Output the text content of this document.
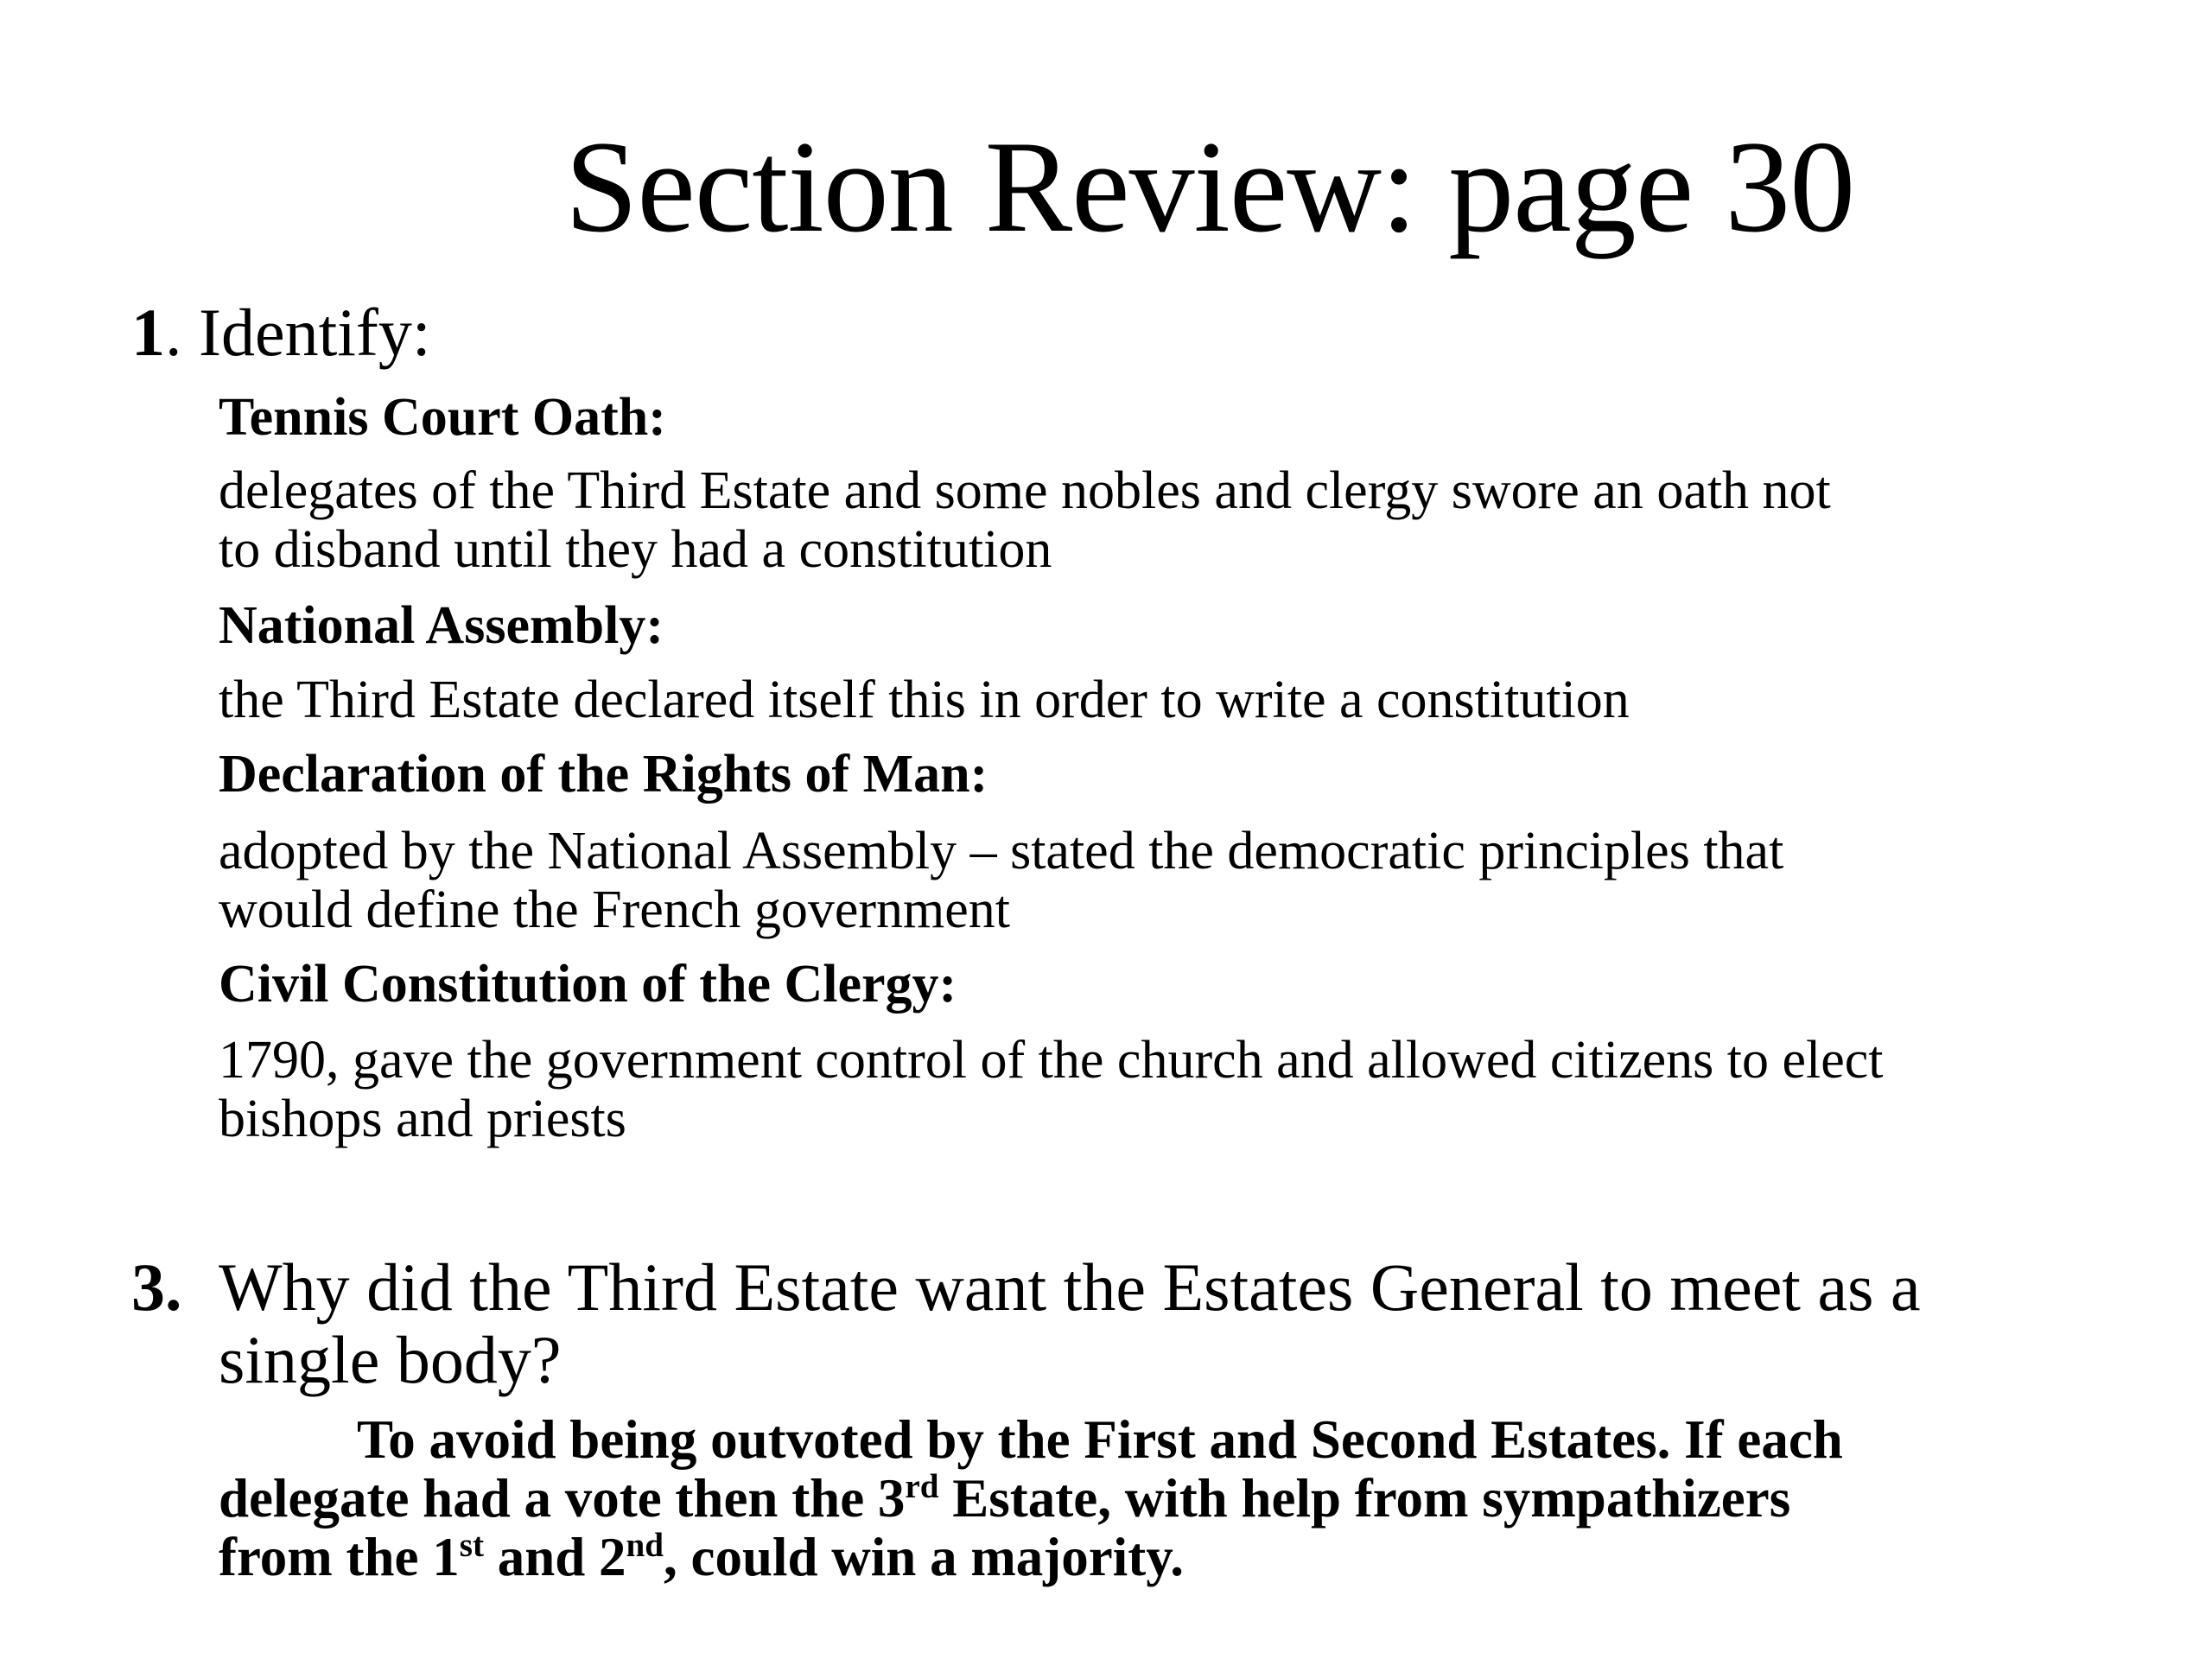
Section Review: page 30

1. Identify:

Tennis Court Oath:

delegates of the Third Estate and some nobles and clergy swore an oath not
to disband until they had a constitution

National Assembly:

the Third Estate declared itself this in order to write a constitution

Declaration of the Rights of Man:

adopted by the National Assembly – stated the democratic principles that
would define the French government

Civil Constitution of the Clergy:

1790, gave the government control of the church and allowed citizens to elect
bishops and priests

3. Why did the Third Estate want the Estates General to meet as a
single body?

To avoid being outvoted by the First and Second Estates. If each
delegate had a vote then the 3rd Estate, with help from sympathizers
from the 1st and 2nd, could win a majority.
